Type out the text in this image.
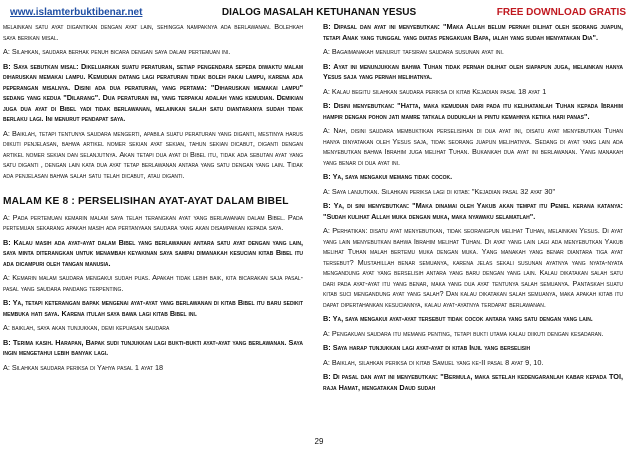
www.islamterbuktibenar.net	DIALOG MASALAH KETUHANAN YESUS	FREE DOWNLOAD GRATIS

melainkan satu ayat digantikan dengan ayat lain, sehingga nampaknya ada berlawanan. Bolehkah saya berikan misal.

A: Silahkan, saudara berhak penuh bicara dengan saya dalam pertemuan ini.

B: Saya sebutkan misal: Dikeluarkan suatu peraturan, setiap pengendara sepeda diwaktu malam diharuskan memakai lampu. Kemudian datang lagi peraturan tidak boleh pakai lampu, karena ada peperangan misalnya. Disini ada dua peraturan, yang pertama: "Diharuskan memakai lampu" sedang yang kedua "Dilarang". Dua peraturan ini, yang terpakai adalah yang kemudian. Demikian juga dua ayat di Bibel yadi tidak berlawanan, melainkan salah satu diantaranya sudah tidak berlaku lagi. Ini menurut pendapat saya.

A: Baiklah, tetapi tentunya saudara mengerti, apabila suatu peraturan yang diganti, mestinya harus diikuti penjelasan, bahwa artikel nomer sekian ayat sekian, tahun sekian dicabut, diganti dengan artikel nomer sekian dan selanjutnya. Akan tetapi dua ayat di Bibel itu, tidak ada sebutan ayat yang satu diganti , dengan lain kata dua ayat tetap berlawanan antara yang satu dengan yang lain. Tidak ada penjelasan bahwa salah satu telah dicabut, atau diganti.

MALAM KE 8 : PERSELISIHAN AYAT-AYAT DALAM BIBEL

A: Pada pertemuan kemarin malam saya telah terangkan ayat yang berlawanan dalam Bibel. Pada pertemuan sekarang apakah masih ada pertanyaan saudara yang akan disampaikan kepada saya.

B: Kalau masih ada ayat-ayat dalam Bibel yang berlawanan antara satu ayat dengan yang lain, saya minta diterangkan untuk menambah keyakinan saya sampai dimanakah kesucian kitab Bibel itu ada dicampuri oleh tangan manusia.

A: Kemarin malam saudara mengakui sudah puas. Apakah tidak lebih baik, kita bicarakan saja pasal-pasal yang saudara pandang terpenting.

B: Ya, tetapi keterangan bapak mengenai ayat-ayat yang berlawanan di kitab Bibel itu baru sedikit membuka hati saya. Karena itulah saya bawa lagi kitab Bibel ini.

A: baiklah, saya akan tunjukkan, demi kepuasan saudara

B: Terima kasih. Harapan, Bapak sudi tunjukkan lagi bukti-bukti ayat-ayat yang berlawanan. Saya ingin mengetahui lebih banyak lagi.

A: Silahkan saudara periksa di Yahya pasal 1 ayat 18

B: Dipasal dan ayat ini menyebutkan: "Maka Allah belum pernah dilihat oleh seorang juapun, tetapi Anak yang tunggal yang diatas pengakuan Bapa, ialah yang sudah menyatakan Dia".

A: Bagaimanakah menurut tafsiran saudara susunan ayat ini.

B: Ayat ini menunjukkan bahwa Tuhan tidak pernah dilihat oleh siapapun juga, melainkan hanya Yesus saja yang pernah melihatnya.

A: Kalau begitu silahkan saudara periksa di kitab Kejadian pasal 18 ayat 1

B: Disini menyebutkan: "Hatta, maka kemudian dari pada itu kelihatanlah Tuhan kepada Ibrahim hampir dengan pohon jati mamre tatkala duduklah ia pintu kemahnya ketika hari panas".

A: Nah, disini saudara membuktikan perselisihan di dua ayat ini, disatu ayat menyebutkan Tuhan hanya dinyatakan oleh Yesus saja, tidak seorang juapun melihatnya. Sedang di ayat yang lain ada menyebutkan bahwa Ibrahim juga melihat Tuhan. Bukankah dua ayat ini berlawanan. Yang manakah yang benar di dua ayat ini.

B: Ya, saya mengakui memang tidak cocok.

A: Saya lanjutkan. Silahkan periksa lagi di kitab: "Kejadian pasal 32 ayat 30"

B: Ya, di sini menyebutkan: "Maka dinamai oleh Yakub akan tempat itu Peniel kerana katanya: "Sudah kulihat Allah muka dengan muka, maka nyawaku selamatlah".

A: Perhatikan: disatu ayat menyebutkan, tidak seorangpun melihat Tuhan, melainkan Yesus. Di ayat yang lain menyebutkan bahwa Ibrahim melihat Tuhan. Di ayat yang lain lagi ada menyebutkan Yakub melihat Tuhan malah bertemu muka dengan muka. Yang manakah yang benar diantara tiga ayat tersebut? Mustahillah benar semuanya, karena jelas sekali susunan ayatnya yang nyata-nyata mengandung ayat yang berselisih antara yang baru dengan yang lain. Kalau dikatakan salah satu dari pada ayat-ayat itu yang benar, maka yang dua ayat tentunya salah semuanya. Pantaskah suatu kitab suci mengandung ayat yang salah? Dan kalau dikatakan salah semuanya, maka apakah kitab itu dapat dipertahankan kesuciannya, kalau ayat-ayatnya terdapat berlawanan.

B: Ya, saya mengakui ayat-ayat tersebut tidak cocok antara yang satu dengan yang lain.

A: Pengakuan saudara itu memang penting, tetapi bukti utama kalau diikuti dengan kesadaran.

B: Saya harap tunjukkan lagi ayat-ayat di kitab Injil yang berselisih

A: Baiklah, silahkan periksa di kitab Samuel yang ke-II pasal 8 ayat 9, 10.

B: Di pasal dan ayat ini menyebutkan: "Bermula, maka setelah kedengaranlah kabar kepada TOI, raja Hamat, mengatakan Daud sudah

29
